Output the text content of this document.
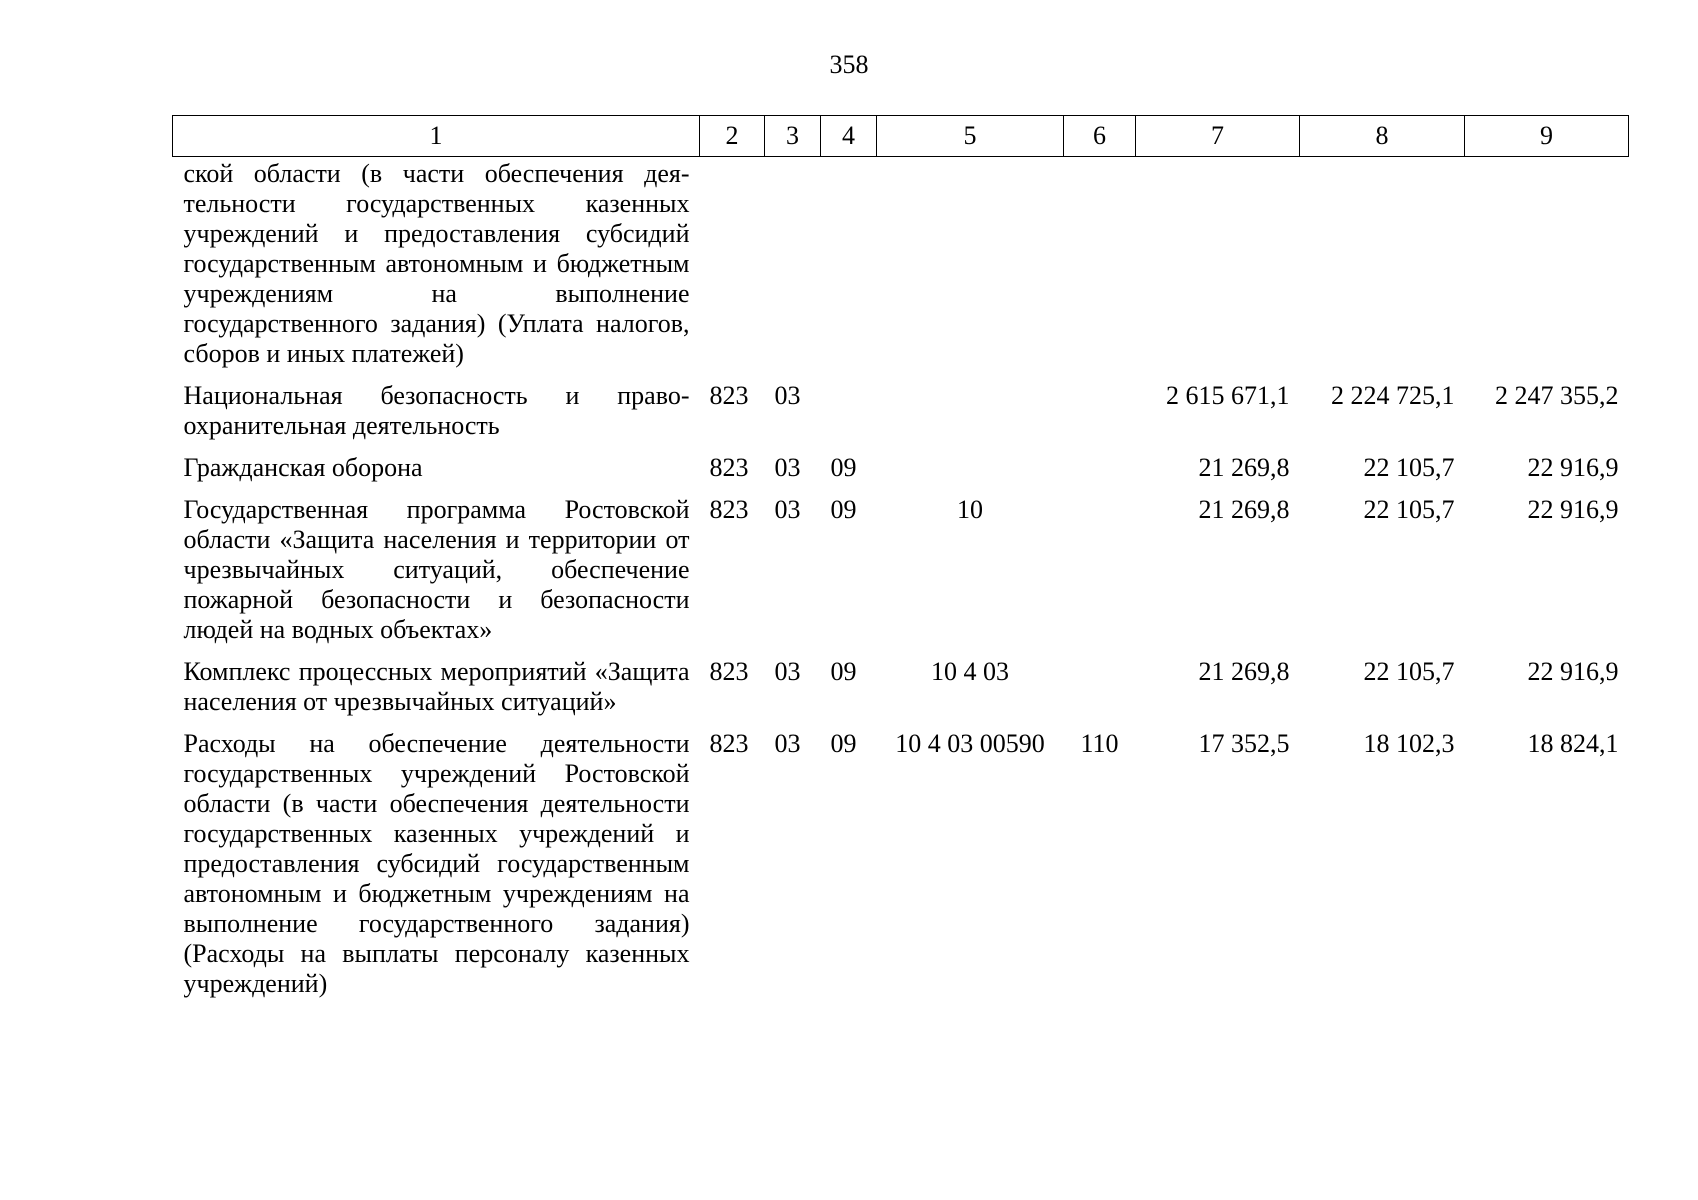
358
1	2	3	4	5	6	7	8	9
ской области (в части обеспечения деятельности государственных казенных учреждений и предоставления субсидий государственным автономным и бюджетным учреждениям на выполнение государственного задания) (Уплата налогов, сборов и иных платежей)								
Национальная безопасность и правоохранительная деятельность	823	03				2 615 671,1	2 224 725,1	2 247 355,2
Гражданская оборона	823	03	09			21 269,8	22 105,7	22 916,9
Государственная программа Ростовской области «Защита населения и территории от чрезвычайных ситуаций, обеспечение пожарной безопасности и безопасности людей на водных объектах»	823	03	09	10		21 269,8	22 105,7	22 916,9
Комплекс процессных мероприятий «Защита населения от чрезвычайных ситуаций»	823	03	09	10 4 03		21 269,8	22 105,7	22 916,9
Расходы на обеспечение деятельности государственных учреждений Ростовской области (в части обеспечения деятельности государственных казенных учреждений и предоставления субсидий государственным автономным и бюджетным учреждениям на выполнение государственного задания) (Расходы на выплаты персоналу казенных учреждений)	823	03	09	10 4 03 00590	110	17 352,5	18 102,3	18 824,1
